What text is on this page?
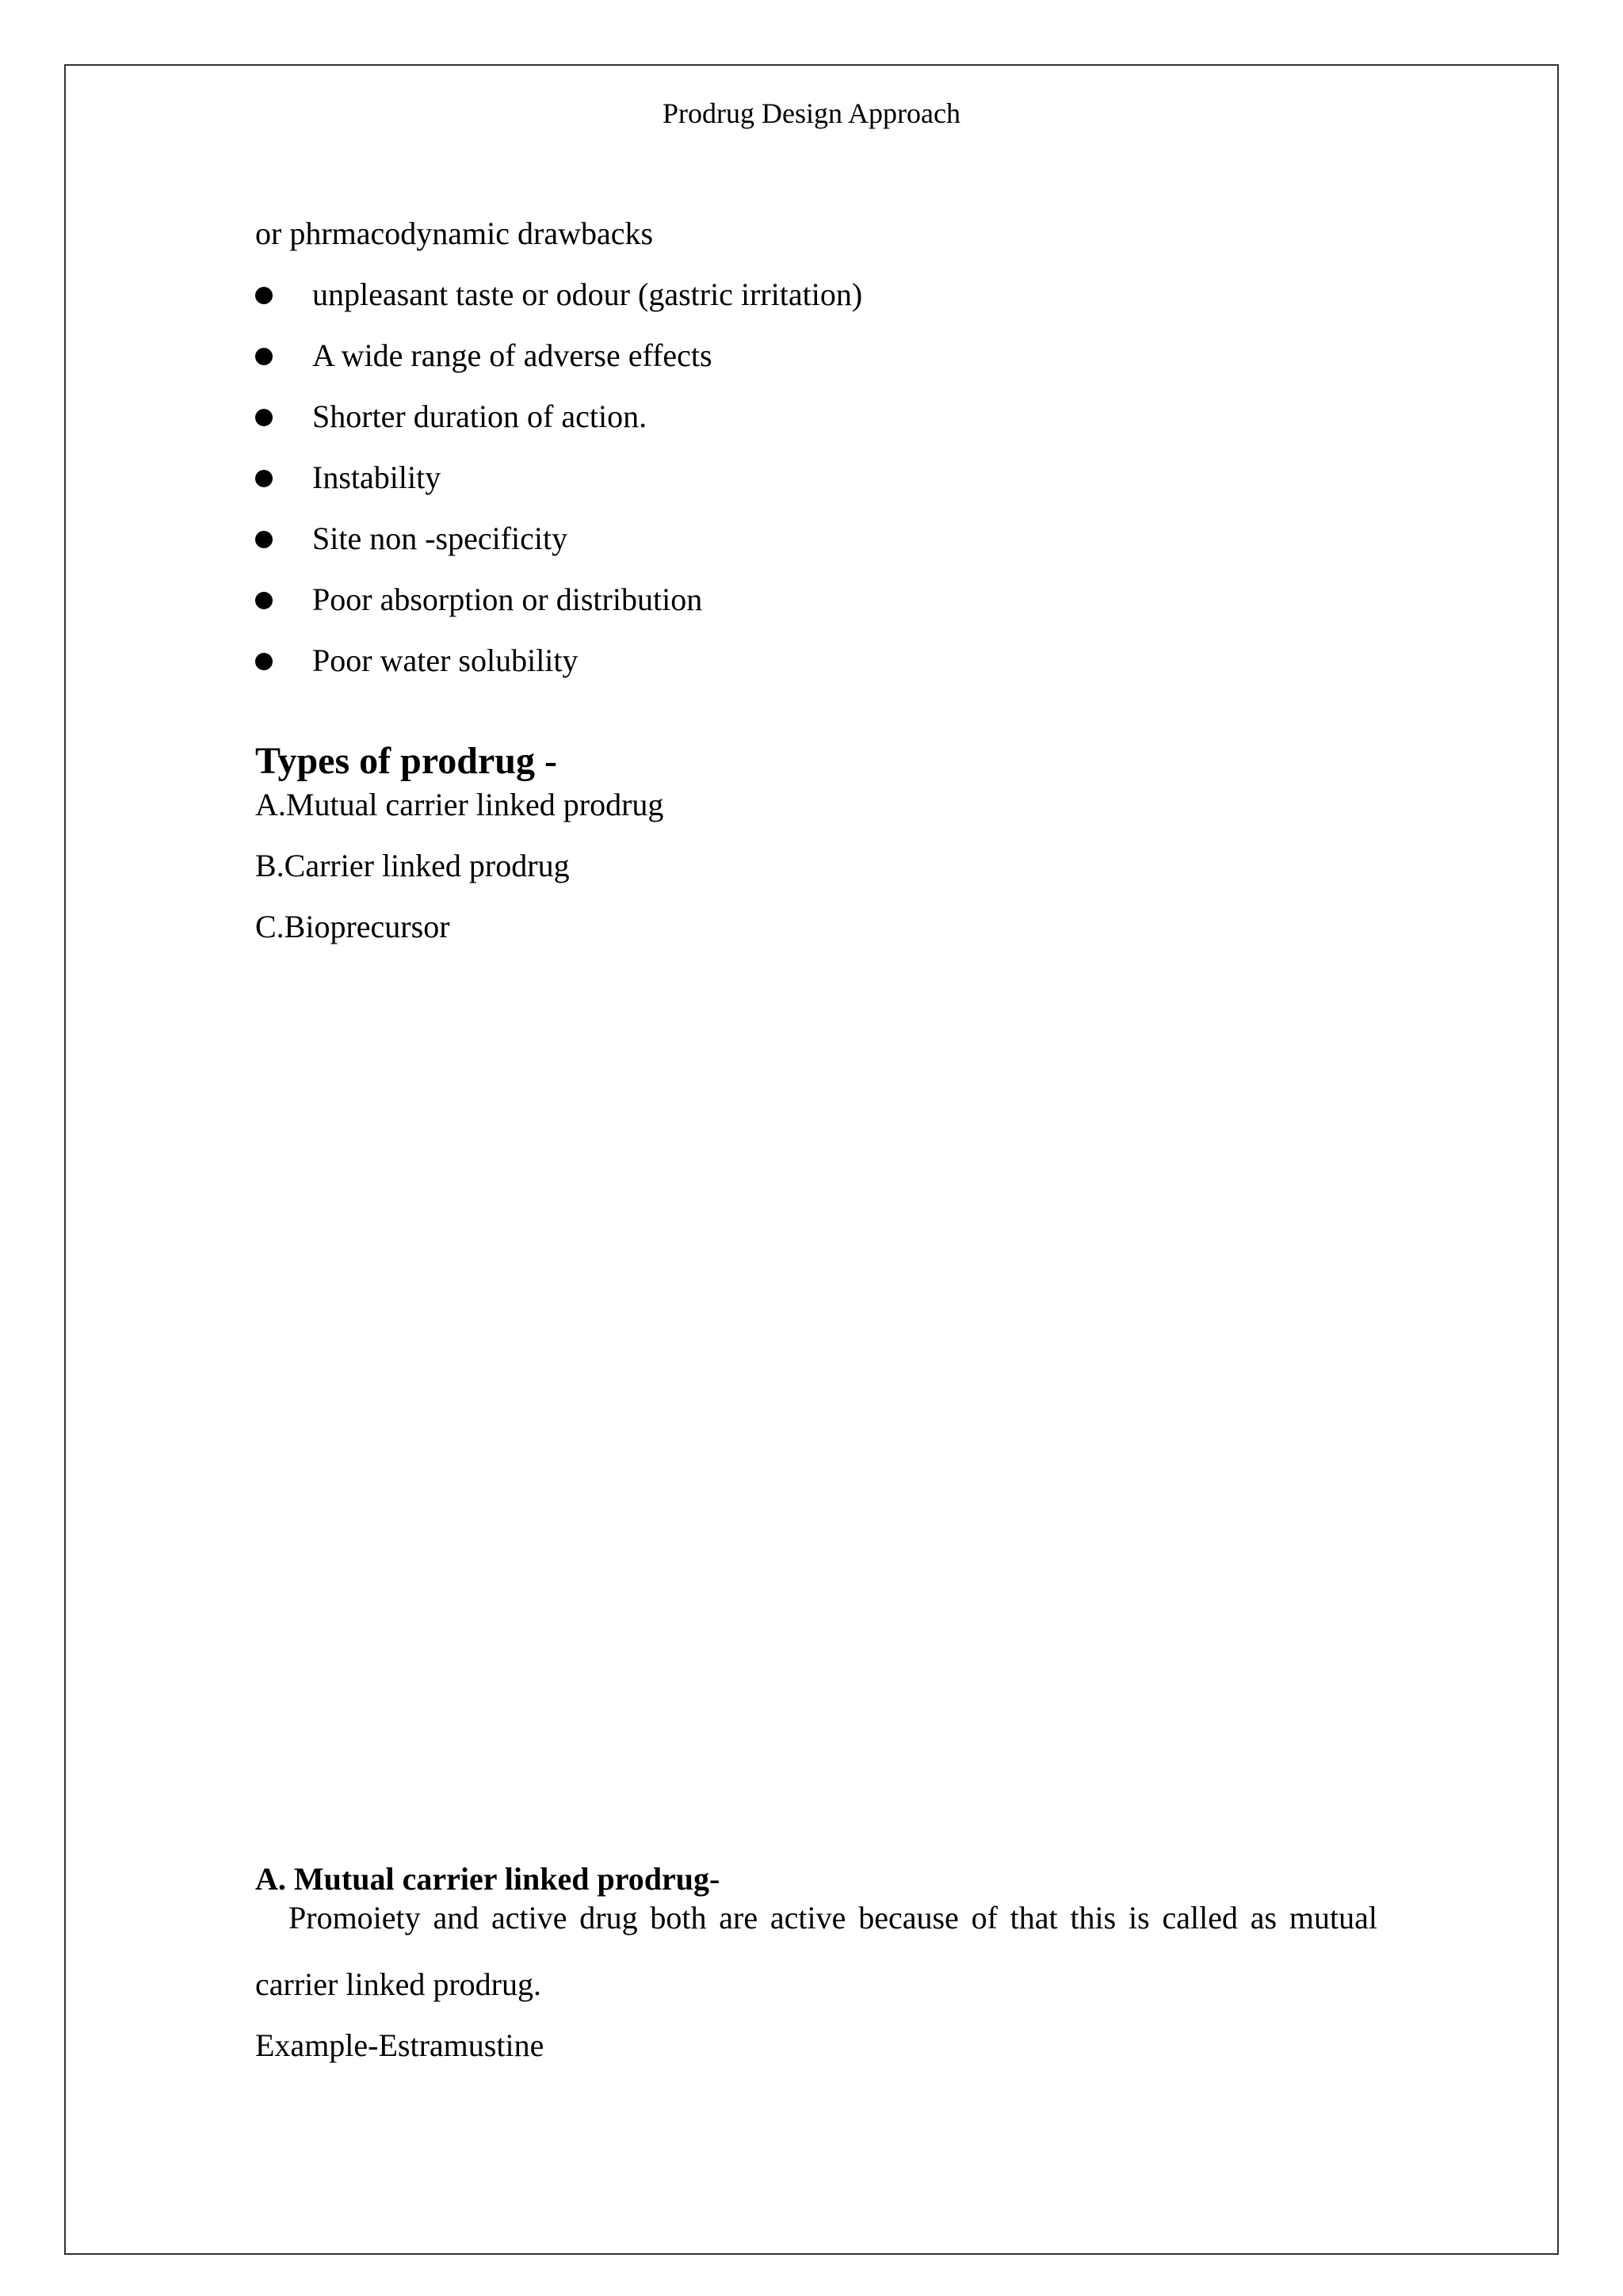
Prodrug Design Approach
or phrmacodynamic drawbacks
unpleasant taste or odour (gastric irritation)
A wide range of adverse effects
Shorter duration of action.
Instability
Site non -specificity
Poor absorption or distribution
Poor water solubility
Types of prodrug -
A.Mutual carrier linked prodrug
B.Carrier linked prodrug
C.Bioprecursor
A. Mutual carrier linked prodrug-
Promoiety and active drug both are active because of that this is called as mutual
carrier linked prodrug.
Example-Estramustine
